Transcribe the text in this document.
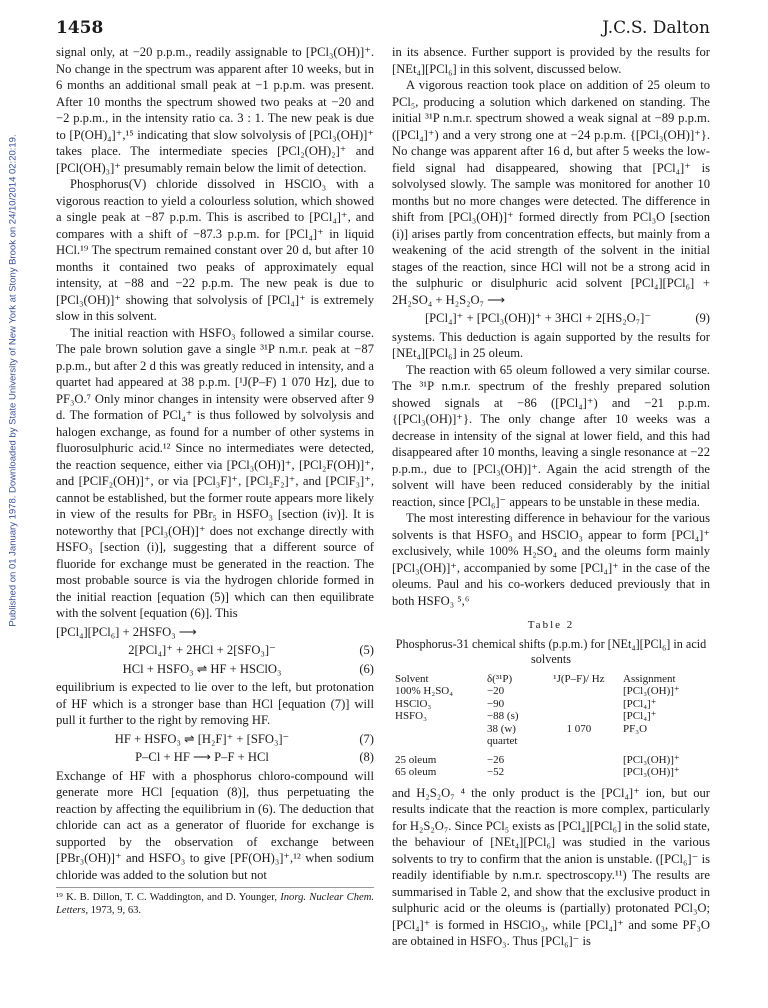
Published on 01 January 1978. Downloaded by State University of New York at Stony Brook on 24/10/2014 02:20:19.
1458	J.C.S. Dalton

signal only, at −20 p.p.m., readily assignable to [PCl₃(OH)]⁺. No change in the spectrum was apparent after 10 weeks, but in 6 months an additional small peak at −1 p.p.m. was present. After 10 months the spectrum showed two peaks at −20 and −2 p.p.m., in the intensity ratio ca. 3 : 1. The new peak is due to [P(OH)₄]⁺,¹⁵ indicating that slow solvolysis of [PCl₃(OH)]⁺ takes place. The intermediate species [PCl₂(OH)₂]⁺ and [PCl(OH)₃]⁺ presumably remain below the limit of detection.

Phosphorus(V) chloride dissolved in HSClO₃ with a vigorous reaction to yield a colourless solution, which showed a single peak at −87 p.p.m. This is ascribed to [PCl₄]⁺, and compares with a shift of −87.3 p.p.m. for [PCl₄]⁺ in liquid HCl.¹⁹ The spectrum remained constant over 20 d, but after 10 months it contained two peaks of approximately equal intensity, at −88 and −22 p.p.m. The new peak is due to [PCl₃(OH)]⁺ showing that solvolysis of [PCl₄]⁺ is extremely slow in this solvent.

The initial reaction with HSFO₃ followed a similar course. The pale brown solution gave a single ³¹P n.m.r. peak at −87 p.p.m., but after 2 d this was greatly reduced in intensity, and a quartet had appeared at 38 p.p.m. [¹J(P–F) 1 070 Hz], due to PF₃O.⁷ Only minor changes in intensity were observed after 9 d. The formation of PCl₄⁺ is thus followed by solvolysis and halogen exchange, as found for a number of other systems in fluorosulphuric acid.¹² Since no intermediates were detected, the reaction sequence, either via [PCl₃(OH)]⁺, [PCl₂F(OH)]⁺, and [PClF₂(OH)]⁺, or via [PCl₃F]⁺, [PCl₂F₂]⁺, and [PClF₃]⁺, cannot be established, but the former route appears more likely in view of the results for PBr₅ in HSFO₃ [section (iv)]. It is noteworthy that [PCl₃(OH)]⁺ does not exchange directly with HSFO₃ [section (i)], suggesting that a different source of fluoride for exchange must be generated in the reaction. The most probable source is via the hydrogen chloride formed in the initial reaction [equation (5)] which can then equilibrate with the solvent [equation (6)]. This

[PCl₄][PCl₆] + 2HSFO₃ ⟶
2[PCl₄]⁺ + 2HCl + 2[SFO₃]⁻	(5)
HCl + HSFO₃ ⇌ HF + HSClO₃	(6)

equilibrium is expected to lie over to the left, but protonation of HF which is a stronger base than HCl [equation (7)] will pull it further to the right by removing HF.

HF + HSFO₃ ⇌ [H₂F]⁺ + [SFO₃]⁻	(7)
P–Cl + HF ⟶ P–F + HCl	(8)

Exchange of HF with a phosphorus chloro-compound will generate more HCl [equation (8)], thus perpetuating the reaction by affecting the equilibrium in (6). The deduction that chloride can act as a generator of fluoride for exchange is supported by the observation of exchange between [PBr₃(OH)]⁺ and HSFO₃ to give [PF(OH)₃]⁺,¹² when sodium chloride was added to the solution but not

¹⁹ K. B. Dillon, T. C. Waddington, and D. Younger, Inorg. Nuclear Chem. Letters, 1973, 9, 63.

in its absence. Further support is provided by the results for [NEt₄][PCl₆] in this solvent, discussed below.

A vigorous reaction took place on addition of 25 oleum to PCl₅, producing a solution which darkened on standing. The initial ³¹P n.m.r. spectrum showed a weak signal at −89 p.p.m. ([PCl₄]⁺) and a very strong one at −24 p.p.m. {[PCl₃(OH)]⁺}. No change was apparent after 16 d, but after 5 weeks the low-field signal had disappeared, showing that [PCl₄]⁺ is solvolysed slowly. The sample was monitored for another 10 months but no more changes were detected. The difference in shift from [PCl₃(OH)]⁺ formed directly from PCl₃O [section (i)] arises partly from concentration effects, but mainly from a weakening of the acid strength of the solvent in the initial stages of the reaction, since HCl will not be a strong acid in the sulphuric or disulphuric acid solvent [PCl₄][PCl₆] + 2H₂SO₄ + H₂S₂O₇ ⟶

[PCl₄]⁺ + [PCl₃(OH)]⁺ + 3HCl + 2[HS₂O₇]⁻	(9)

systems. This deduction is again supported by the results for [NEt₄][PCl₆] in 25 oleum.

The reaction with 65 oleum followed a very similar course. The ³¹P n.m.r. spectrum of the freshly prepared solution showed signals at −86 ([PCl₄]⁺) and −21 p.p.m. {[PCl₃(OH)]⁺}. The only change after 10 weeks was a decrease in intensity of the signal at lower field, and this had disappeared after 10 months, leaving a single resonance at −22 p.p.m., due to [PCl₃(OH)]⁺. Again the acid strength of the solvent will have been reduced considerably by the initial reaction, since [PCl₆]⁻ appears to be unstable in these media.

The most interesting difference in behaviour for the various solvents is that HSFO₃ and HSClO₃ appear to form [PCl₄]⁺ exclusively, while 100% H₂SO₄ and the oleums form mainly [PCl₃(OH)]⁺, accompanied by some [PCl₄]⁺ in the case of the oleums. Paul and his co-workers deduced previously that in both HSFO₃ ⁵,⁶

Table 2
Phosphorus-31 chemical shifts (p.p.m.) for [NEt₄][PCl₆] in acid solvents
Solvent	δ(³¹P)	¹J(P–F)/ Hz	Assignment
100% H₂SO₄	−20		[PCl₃(OH)]⁺
HSClO₃	−90		[PCl₄]⁺
HSFO₃	−88 (s)		[PCl₄]⁺
	38 (w)	1 070	PF₃O
	quartet		

25 oleum	−26		[PCl₃(OH)]⁺
65 oleum	−52		[PCl₃(OH)]⁺

and H₂S₂O₇ ⁴ the only product is the [PCl₄]⁺ ion, but our results indicate that the reaction is more complex, particularly for H₂S₂O₇. Since PCl₅ exists as [PCl₄][PCl₆] in the solid state, the behaviour of [NEt₄][PCl₆] was studied in the various solvents to try to confirm that the anion is unstable. ([PCl₆]⁻ is readily identifiable by n.m.r. spectroscopy.¹¹) The results are summarised in Table 2, and show that the exclusive product in sulphuric acid or the oleums is (partially) protonated PCl₃O; [PCl₄]⁺ is formed in HSClO₃, while [PCl₄]⁺ and some PF₃O are obtained in HSFO₃. Thus [PCl₆]⁻ is
